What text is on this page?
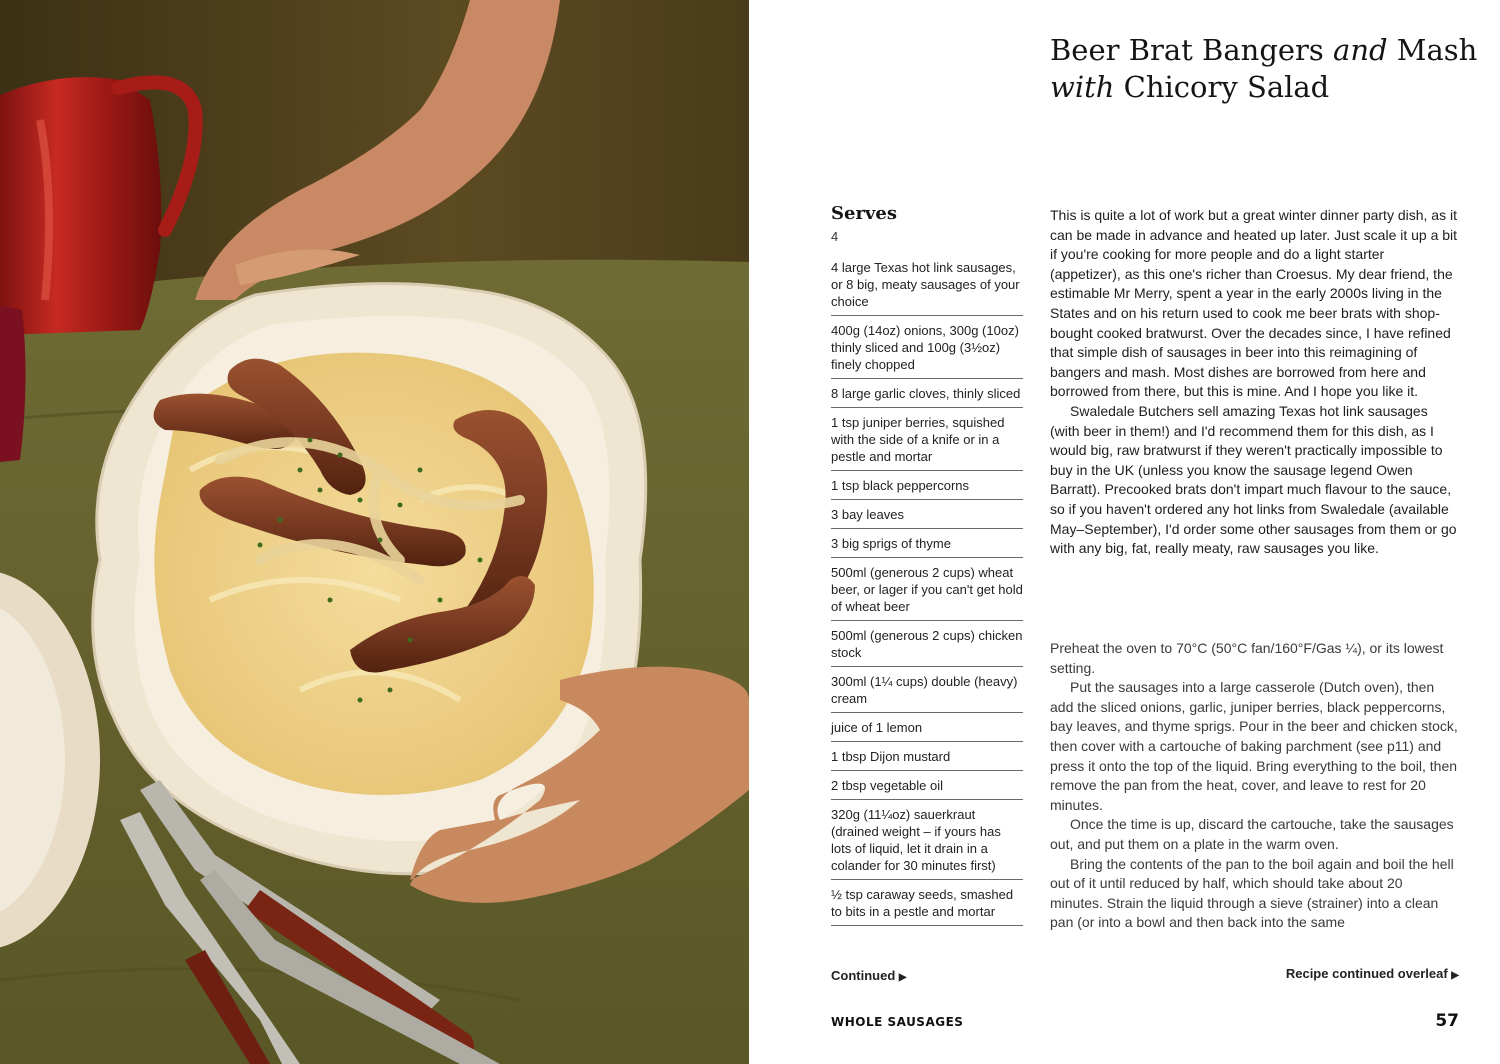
Beer Brat Bangers and Mash
with Chicory Salad
Serves
4
4 large Texas hot link sausages, or 8 big, meaty sausages of your choice
400g (14oz) onions, 300g (10oz) thinly sliced and 100g (3½oz) finely chopped
8 large garlic cloves, thinly sliced
1 tsp juniper berries, squished with the side of a knife or in a pestle and mortar
1 tsp black peppercorns
3 bay leaves
3 big sprigs of thyme
500ml (generous 2 cups) wheat beer, or lager if you can't get hold of wheat beer
500ml (generous 2 cups) chicken stock
300ml (1¼ cups) double (heavy) cream
juice of 1 lemon
1 tbsp Dijon mustard
2 tbsp vegetable oil
320g (11¼oz) sauerkraut (drained weight – if yours has lots of liquid, let it drain in a colander for 30 minutes first)
½ tsp caraway seeds, smashed to bits in a pestle and mortar
Continued ▶

This is quite a lot of work but a great winter dinner party dish, as it can be made in advance and heated up later. Just scale it up a bit if you're cooking for more people and do a light starter (appetizer), as this one's richer than Croesus. My dear friend, the estimable Mr Merry, spent a year in the early 2000s living in the States and on his return used to cook me beer brats with shop-bought cooked bratwurst. Over the decades since, I have refined that simple dish of sausages in beer into this reimagining of bangers and mash. Most dishes are borrowed from here and borrowed from there, but this is mine. And I hope you like it.

Swaledale Butchers sell amazing Texas hot link sausages (with beer in them!) and I'd recommend them for this dish, as I would big, raw bratwurst if they weren't practically impossible to buy in the UK (unless you know the sausage legend Owen Barratt). Precooked brats don't impart much flavour to the sauce, so if you haven't ordered any hot links from Swaledale (available May–September), I'd order some other sausages from them or go with any big, fat, really meaty, raw sausages you like.

Preheat the oven to 70°C (50°C fan/160°F/Gas ¼), or its lowest setting.

Put the sausages into a large casserole (Dutch oven), then add the sliced onions, garlic, juniper berries, black peppercorns, bay leaves, and thyme sprigs. Pour in the beer and chicken stock, then cover with a cartouche of baking parchment (see p11) and press it onto the top of the liquid. Bring everything to the boil, then remove the pan from the heat, cover, and leave to rest for 20 minutes.

Once the time is up, discard the cartouche, take the sausages out, and put them on a plate in the warm oven.

Bring the contents of the pan to the boil again and boil the hell out of it until reduced by half, which should take about 20 minutes. Strain the liquid through a sieve (strainer) into a clean pan (or into a bowl and then back into the same

Recipe continued overleaf ▶
WHOLE SAUSAGES	57
